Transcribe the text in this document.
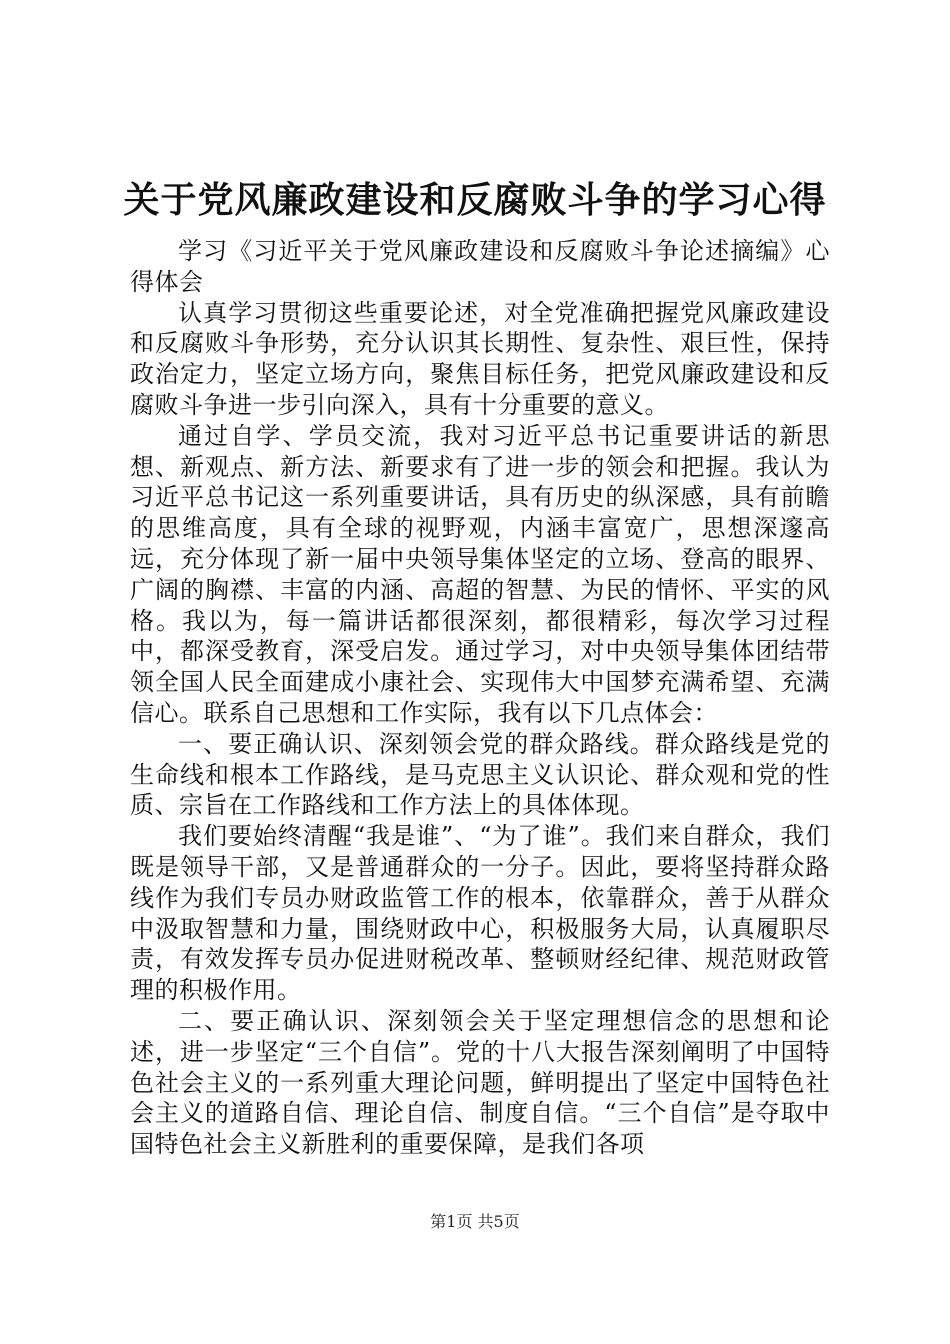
关于党风廉政建设和反腐败斗争的学习心得

学习《习近平关于党风廉政建设和反腐败斗争论述摘编》心得体会

认真学习贯彻这些重要论述，对全党准确把握党风廉政建设和反腐败斗争形势，充分认识其长期性、复杂性、艰巨性，保持政治定力，坚定立场方向，聚焦目标任务，把党风廉政建设和反腐败斗争进一步引向深入，具有十分重要的意义。

通过自学、学员交流，我对习近平总书记重要讲话的新思想、新观点、新方法、新要求有了进一步的领会和把握。我认为习近平总书记这一系列重要讲话，具有历史的纵深感，具有前瞻的思维高度，具有全球的视野观，内涵丰富宽广，思想深邃高远，充分体现了新一届中央领导集体坚定的立场、登高的眼界、广阔的胸襟、丰富的内涵、高超的智慧、为民的情怀、平实的风格。我以为，每一篇讲话都很深刻，都很精彩，每次学习过程中，都深受教育，深受启发。通过学习，对中央领导集体团结带领全国人民全面建成小康社会、实现伟大中国梦充满希望、充满信心。联系自己思想和工作实际，我有以下几点体会：

一、要正确认识、深刻领会党的群众路线。群众路线是党的生命线和根本工作路线，是马克思主义认识论、群众观和党的性质、宗旨在工作路线和工作方法上的具体体现。

我们要始终清醒“我是谁”、“为了谁”。我们来自群众，我们既是领导干部，又是普通群众的一分子。因此，要将坚持群众路线作为我们专员办财政监管工作的根本，依靠群众，善于从群众中汲取智慧和力量，围绕财政中心，积极服务大局，认真履职尽责，有效发挥专员办促进财税改革、整顿财经纪律、规范财政管理的积极作用。

二、要正确认识、深刻领会关于坚定理想信念的思想和论述，进一步坚定“三个自信”。党的十八大报告深刻阐明了中国特色社会主义的一系列重大理论问题，鲜明提出了坚定中国特色社会主义的道路自信、理论自信、制度自信。“三个自信”是夺取中国特色社会主义新胜利的重要保障，是我们各项

第1页 共5页
